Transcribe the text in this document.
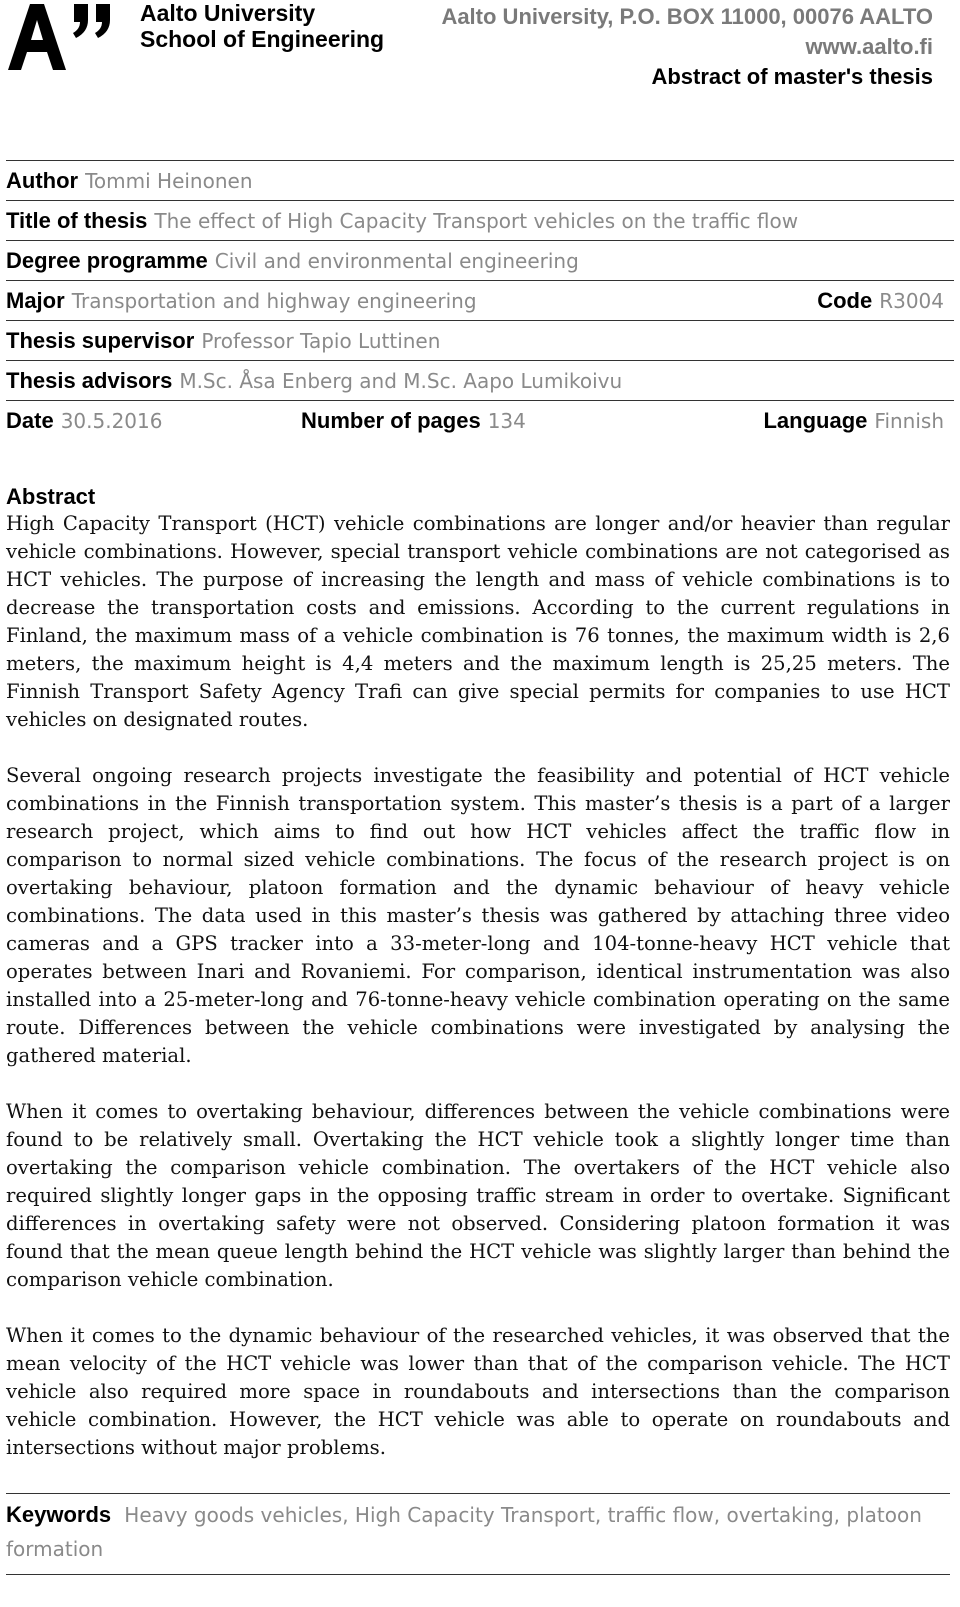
Aalto University
School of Engineering
Aalto University, P.O. BOX 11000, 00076 AALTO
www.aalto.fi
Abstract of master's thesis
Author Tommi Heinonen
Title of thesis The effect of High Capacity Transport vehicles on the traffic flow
Degree programme Civil and environmental engineering
Major Transportation and highway engineering	Code R3004
Thesis supervisor Professor Tapio Luttinen
Thesis advisors M.Sc. Åsa Enberg and M.Sc. Aapo Lumikoivu
Date 30.5.2016	Number of pages 134	Language Finnish
Abstract

High Capacity Transport (HCT) vehicle combinations are longer and/or heavier than regular vehicle combinations. However, special transport vehicle combinations are not categorised as HCT vehicles. The purpose of increasing the length and mass of vehicle combinations is to decrease the transportation costs and emissions. According to the current regulations in Finland, the maximum mass of a vehicle combination is 76 tonnes, the maximum width is 2,6 meters, the maximum height is 4,4 meters and the maximum length is 25,25 meters. The Finnish Transport Safety Agency Trafi can give special permits for companies to use HCT vehicles on designated routes.

Several ongoing research projects investigate the feasibility and potential of HCT vehicle combinations in the Finnish transportation system. This master’s thesis is a part of a larger research project, which aims to find out how HCT vehicles affect the traffic flow in comparison to normal sized vehicle combinations. The focus of the research project is on overtaking behaviour, platoon formation and the dynamic behaviour of heavy vehicle combinations. The data used in this master’s thesis was gathered by attaching three video cameras and a GPS tracker into a 33-meter-long and 104-tonne-heavy HCT vehicle that operates between Inari and Rovaniemi. For comparison, identical instrumentation was also installed into a 25-meter-long and 76-tonne-heavy vehicle combination operating on the same route. Differences between the vehicle combinations were investigated by analysing the gathered material.

When it comes to overtaking behaviour, differences between the vehicle combinations were found to be relatively small. Overtaking the HCT vehicle took a slightly longer time than overtaking the comparison vehicle combination. The overtakers of the HCT vehicle also required slightly longer gaps in the opposing traffic stream in order to overtake. Significant differences in overtaking safety were not observed. Considering platoon formation it was found that the mean queue length behind the HCT vehicle was slightly larger than behind the comparison vehicle combination.

When it comes to the dynamic behaviour of the researched vehicles, it was observed that the mean velocity of the HCT vehicle was lower than that of the comparison vehicle. The HCT vehicle also required more space in roundabouts and intersections than the comparison vehicle combination. However, the HCT vehicle was able to operate on roundabouts and intersections without major problems.

Keywords Heavy goods vehicles, High Capacity Transport, traffic flow, overtaking, platoon formation
